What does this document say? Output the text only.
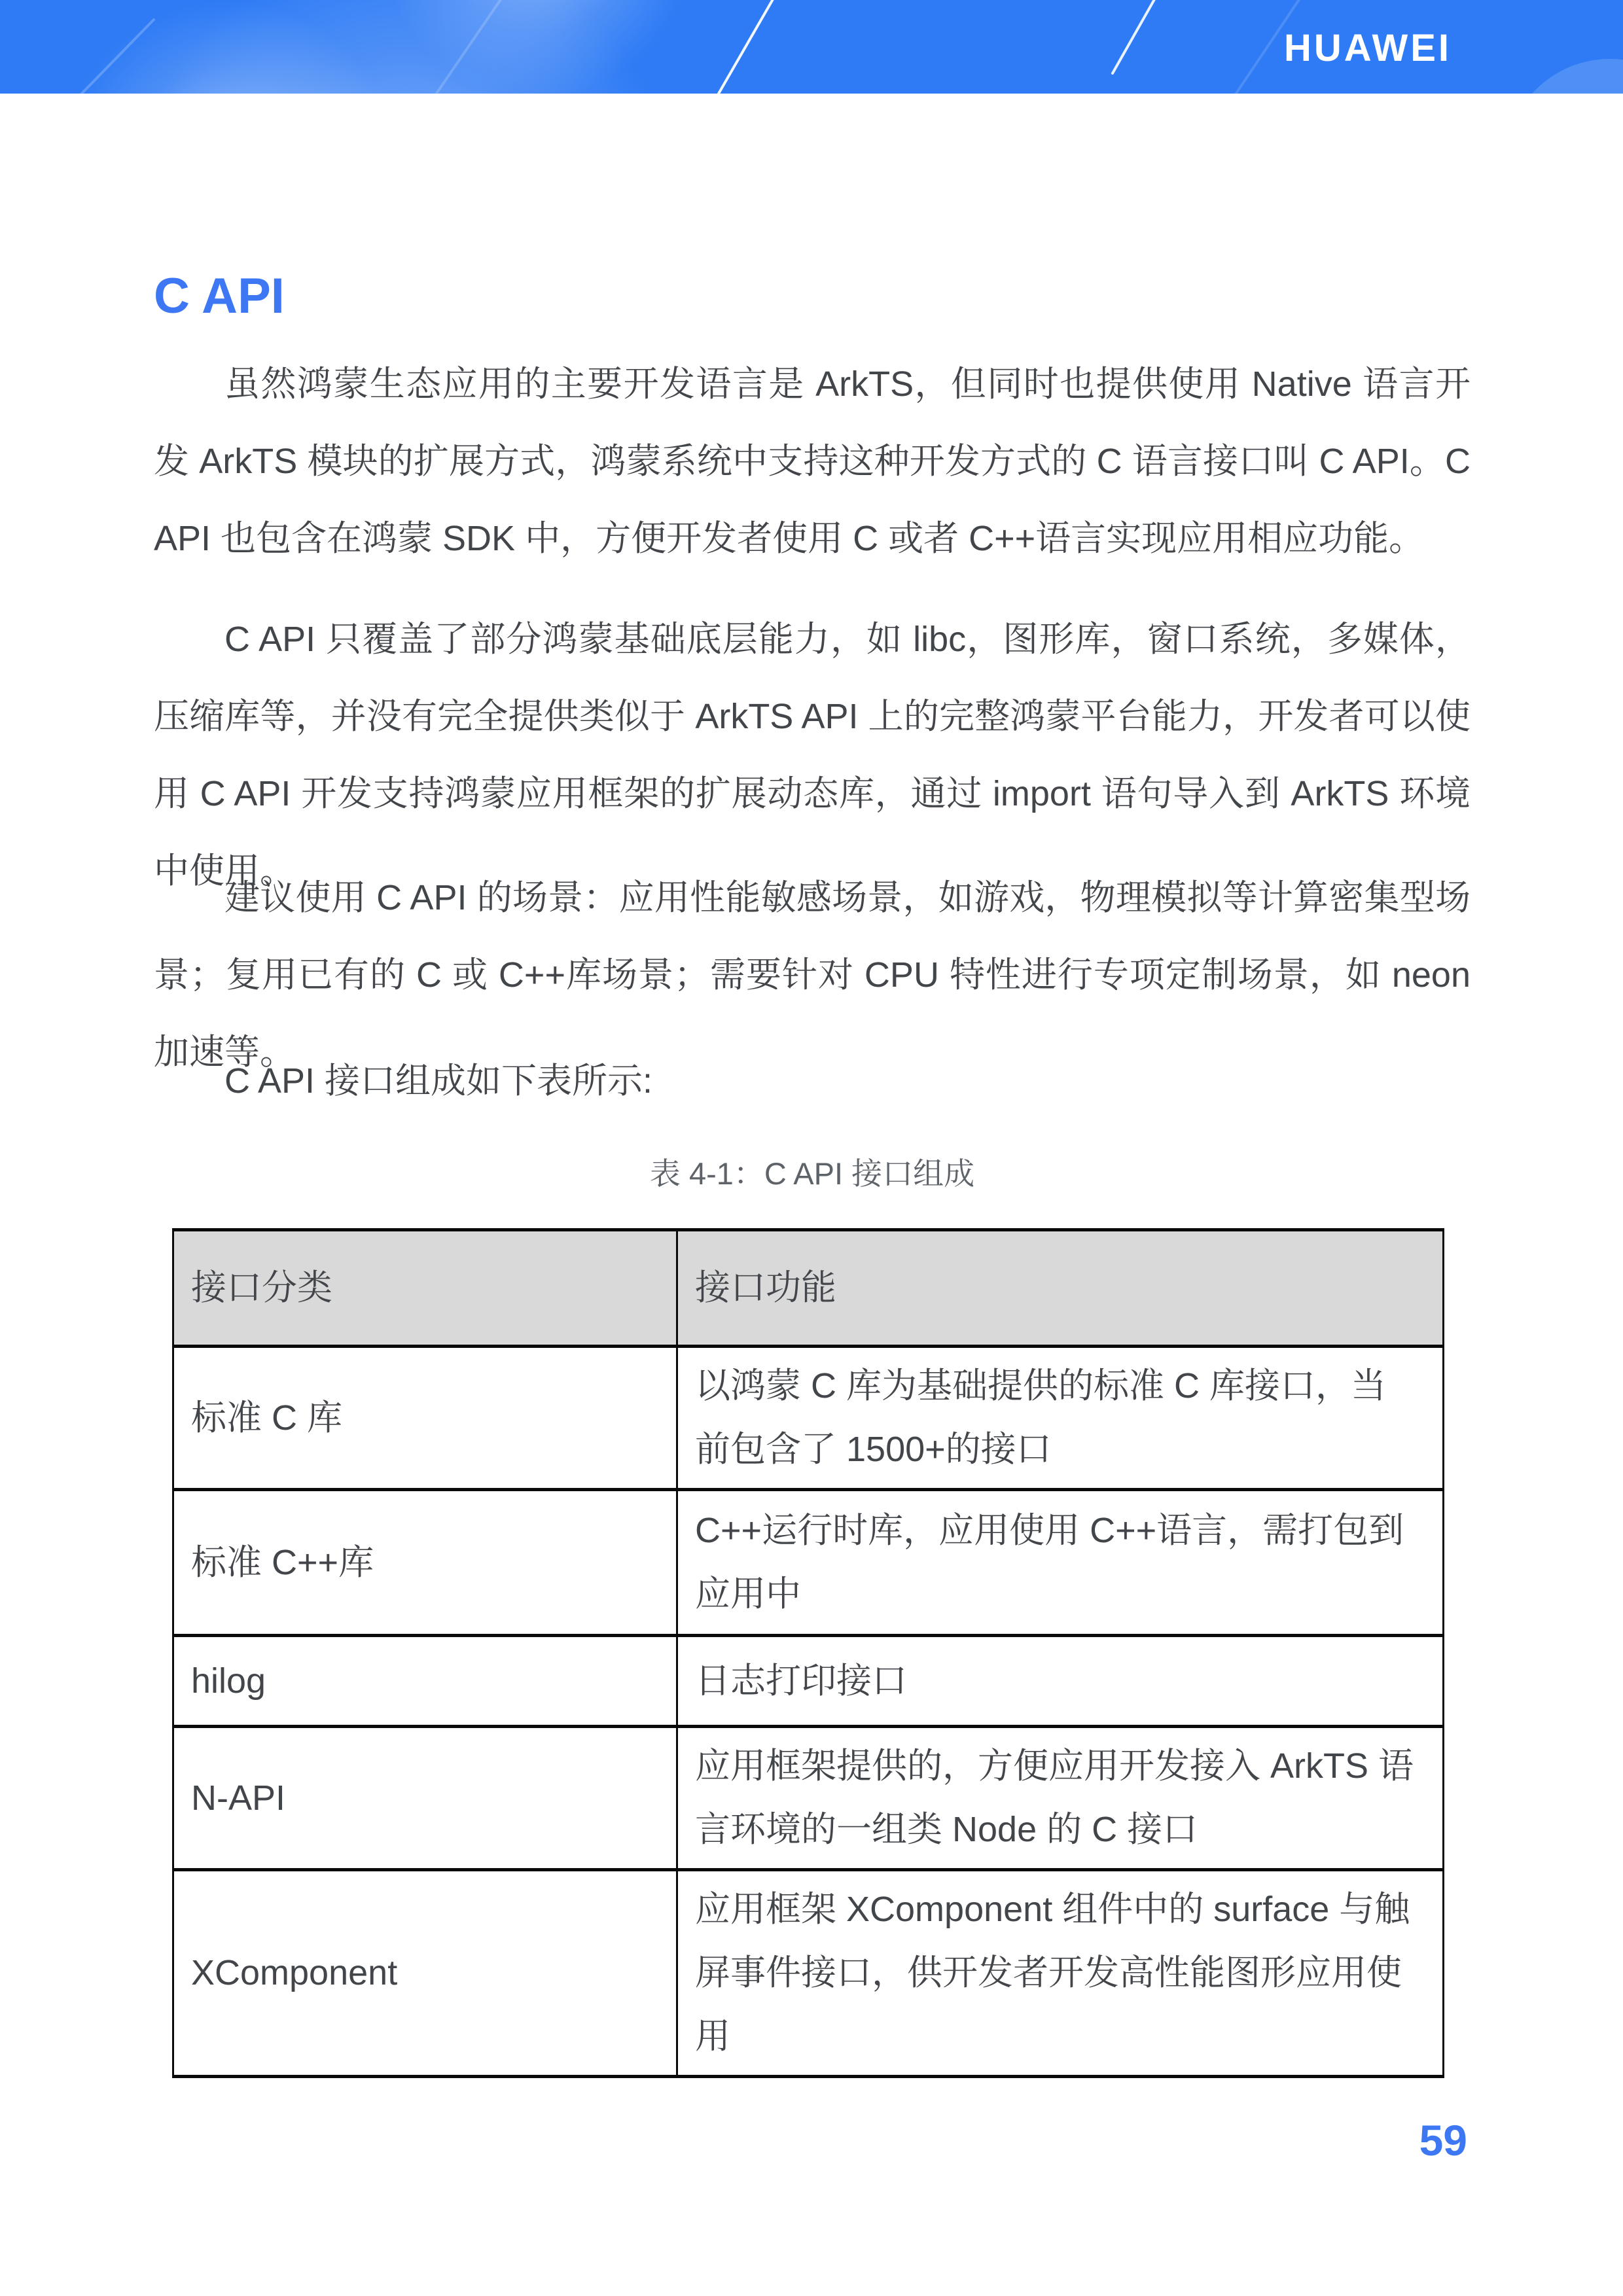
HUAWEI
C API

虽然鸿蒙生态应用的主要开发语言是 ArkTS，但同时也提供使用 Native 语言开发 ArkTS 模块的扩展方式，鸿蒙系统中支持这种开发方式的 C 语言接口叫 C API。C API 也包含在鸿蒙 SDK 中，方便开发者使用 C 或者 C++语言实现应用相应功能。

C API 只覆盖了部分鸿蒙基础底层能力，如 libc，图形库，窗口系统，多媒体，压缩库等，并没有完全提供类似于 ArkTS API 上的完整鸿蒙平台能力，开发者可以使用 C API 开发支持鸿蒙应用框架的扩展动态库，通过 import 语句导入到 ArkTS 环境中使用。

建议使用 C API 的场景：应用性能敏感场景，如游戏，物理模拟等计算密集型场景；复用已有的 C 或 C++库场景；需要针对 CPU 特性进行专项定制场景，如 neon 加速等。

C API 接口组成如下表所示:

表 4-1：C API 接口组成
接口分类	接口功能
标准 C 库	以鸿蒙 C 库为基础提供的标准 C 库接口，当前包含了 1500+的接口
标准 C++库	C++运行时库，应用使用 C++语言，需打包到应用中
hilog	日志打印接口
N-API	应用框架提供的，方便应用开发接入 ArkTS 语言环境的一组类 Node 的 C 接口
XComponent	应用框架 XComponent 组件中的 surface 与触屏事件接口，供开发者开发高性能图形应用使用
59
